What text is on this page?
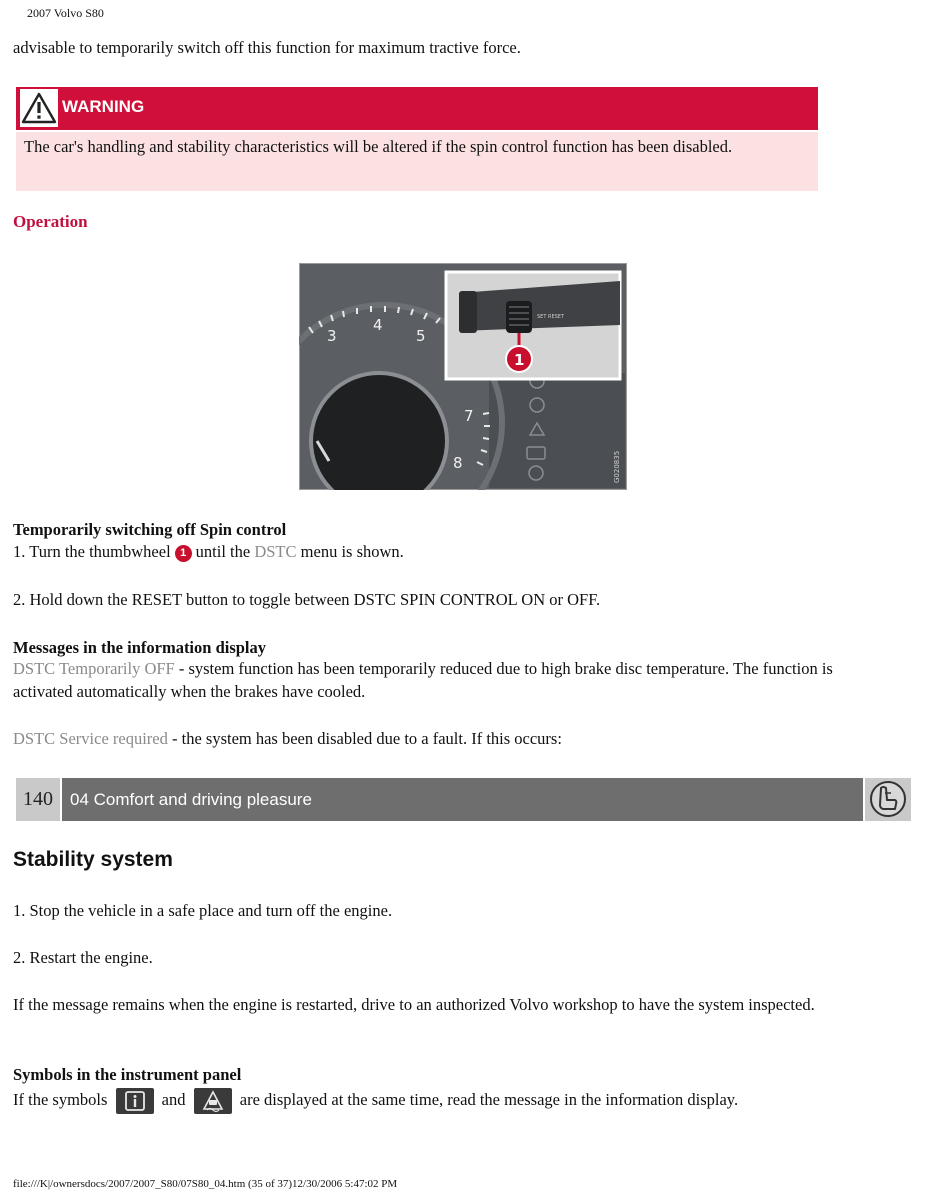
2007 Volvo S80
advisable to temporarily switch off this function for maximum tractive force.
WARNING
The car's handling and stability characteristics will be altered if the spin control function has been disabled.
Operation
3
4
5
7
8	G020835
SET RESET
1
Temporarily switching off Spin control
1. Turn the thumbwheel 1 until the DSTC menu is shown.
2. Hold down the RESET button to toggle between DSTC SPIN CONTROL ON or OFF.
Messages in the information display
DSTC Temporarily OFF - system function has been temporarily reduced due to high brake disc temperature. The function is activated automatically when the brakes have cooled.
DSTC Service required - the system has been disabled due to a fault. If this occurs:
140	04 Comfort and driving pleasure
Stability system
1. Stop the vehicle in a safe place and turn off the engine.
2. Restart the engine.
If the message remains when the engine is restarted, drive to an authorized Volvo workshop to have the system inspected.
Symbols in the instrument panel
If the symbols	and	are displayed at the same time, read the message in the information display.
file:///K|/ownersdocs/2007/2007_S80/07S80_04.htm (35 of 37)12/30/2006 5:47:02 PM
